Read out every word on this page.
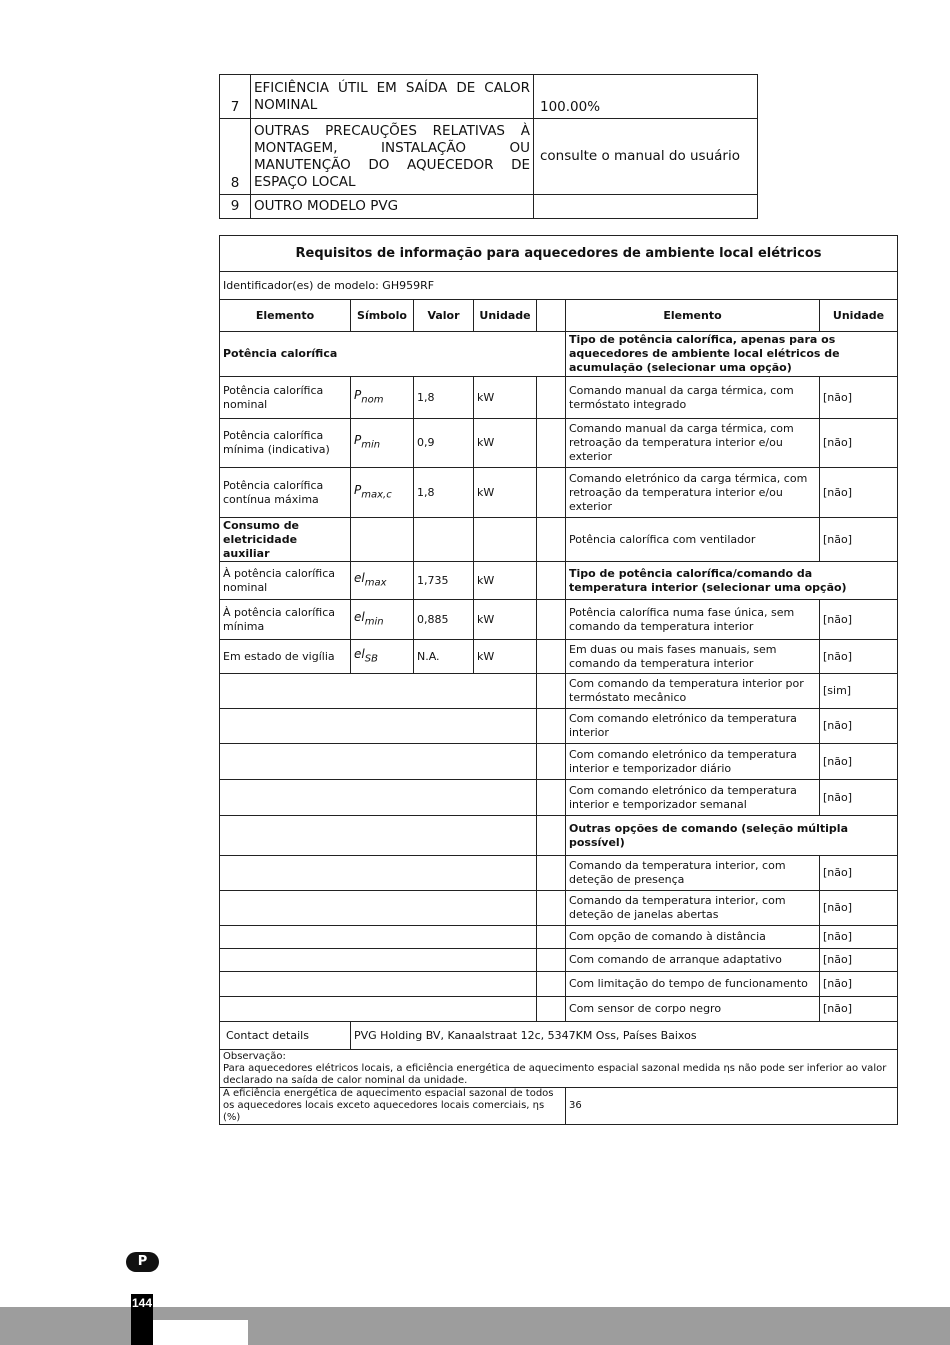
7	EFICIÊNCIA ÚTIL EM SAÍDA DE CALOR NOMINAL	100.00%
8	OUTRAS PRECAUÇÕES RELATIVAS À MONTAGEM, INSTALAÇÃO OU MANUTENÇÃO DO AQUECEDOR DE ESPAÇO LOCAL	consulte o manual do usuário
9	OUTRO MODELO PVG	
Requisitos de informação para aquecedores de ambiente local elétricos						
Identificador(es) de modelo: GH959RF						
Elemento	Símbolo	Valor	Unidade		Elemento	Unidade
Potência calorífica					Tipo de potência calorífica, apenas para os aquecedores de ambiente local elétricos de acumulação (selecionar uma opção)	
Potência calorífica nominal	$P_{nom}$	1,8	kW		Comando manual da carga térmica, com termóstato integrado	[não]
Potência calorífica mínima (indicativa)	$P_{min}$	0,9	kW		Comando manual da carga térmica, com retroação da temperatura interior e/ou exterior	[não]
Potência calorífica contínua máxima	$P_{max,c}$	1,8	kW		Comando eletrónico da carga térmica, com retroação da temperatura interior e/ou exterior	[não]
Consumo de eletricidade auxiliar					Potência calorífica com ventilador	[não]
À potência calorífica nominal	$el_{max}$	1,735	kW		Tipo de potência calorífica/comando da temperatura interior (selecionar uma opção)	
À potência calorífica mínima	$el_{min}$	0,885	kW		Potência calorífica numa fase única, sem comando da temperatura interior	[não]
Em estado de vigília	$el_{SB}$	N.A.	kW		Em duas ou mais fases manuais, sem comando da temperatura interior	[não]
					Com comando da temperatura interior por termóstato mecânico	[sim]
					Com comando eletrónico da temperatura interior	[não]
					Com comando eletrónico da temperatura interior e temporizador diário	[não]
					Com comando eletrónico da temperatura interior e temporizador semanal	[não]
					Outras opções de comando (seleção múltipla possível)	
					Comando da temperatura interior, com deteção de presença	[não]
					Comando da temperatura interior, com deteção de janelas abertas	[não]
					Com opção de comando à distância	[não]
					Com comando de arranque adaptativo	[não]
					Com limitação do tempo de funcionamento	[não]
					Com sensor de corpo negro	[não]
Contact details	PVG Holding BV, Kanaalstraat 12c, 5347KM Oss, Países Baixos					

Observação:
Para aquecedores elétricos locais, a eficiência energética de aquecimento espacial sazonal medida ηs não pode ser inferior ao valor declarado na saída de calor nominal da unidade.						

A eficiência energética de aquecimento espacial sazonal de todos os aquecedores locais exceto aquecedores locais comerciais, ηs (%)					36	
P
144
